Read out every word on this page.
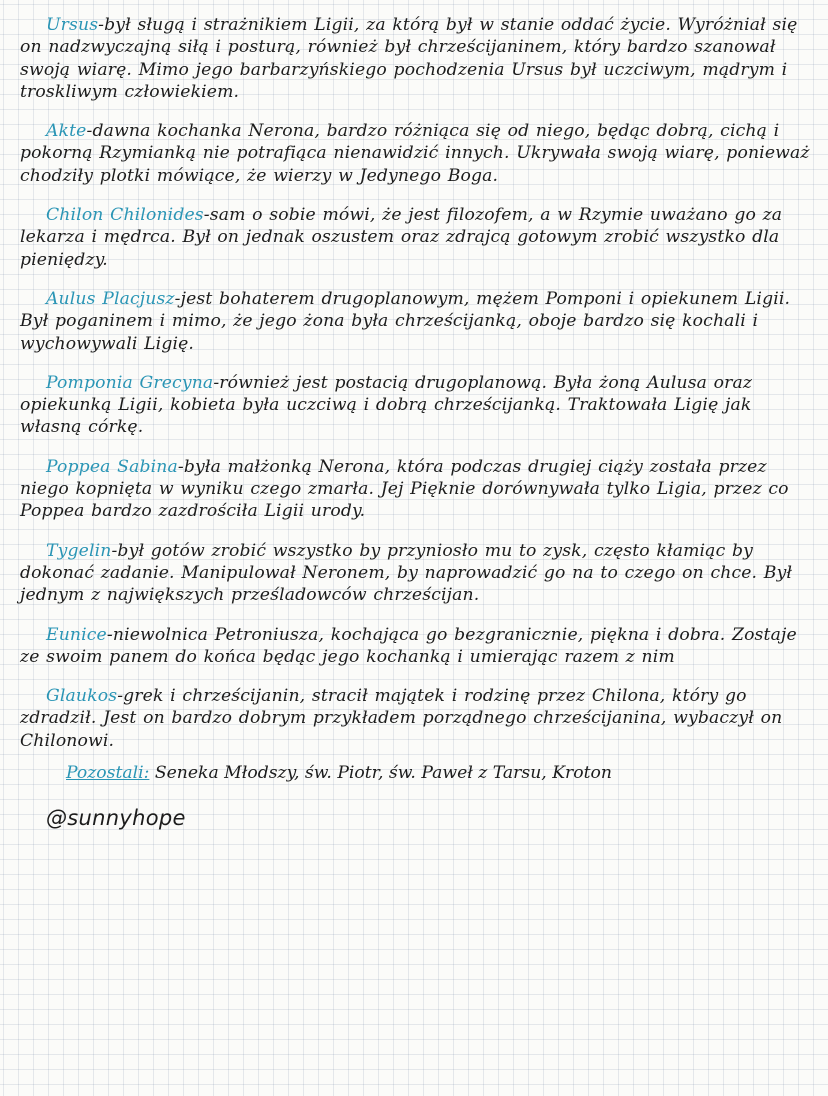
Ursus-był sługą i strażnikiem Ligii, za którą był w stanie oddać życie. Wyróżniał się on nadzwyczajną siłą i posturą, również był chrześcijaninem, który bardzo szanował swoją wiarę. Mimo jego barbarzyńskiego pochodzenia Ursus był uczciwym, mądrym i troskliwym człowiekiem.

Akte-dawna kochanka Nerona, bardzo różniąca się od niego, będąc dobrą, cichą i pokorną Rzymianką nie potrafiąca nienawidzić innych. Ukrywała swoją wiarę, ponieważ chodziły plotki mówiące, że wierzy w Jedynego Boga.

Chilon Chilonides-sam o sobie mówi, że jest filozofem, a w Rzymie uważano go za lekarza i mędrca. Był on jednak oszustem oraz zdrajcą gotowym zrobić wszystko dla pieniędzy.

Aulus Placjusz-jest bohaterem drugoplanowym, mężem Pomponi i opiekunem Ligii. Był poganinem i mimo, że jego żona była chrześcijanką, oboje bardzo się kochali i wychowywali Ligię.

Pomponia Grecyna-również jest postacią drugoplanową. Była żoną Aulusa oraz opiekunką Ligii, kobieta była uczciwą i dobrą chrześcijanką. Traktowała Ligię jak własną córkę.

Poppea Sabina-była małżonką Nerona, która podczas drugiej ciąży została przez niego kopnięta w wyniku czego zmarła. Jej Pięknie dorównywała tylko Ligia, przez co Poppea bardzo zazdrościła Ligii urody.

Tygelin-był gotów zrobić wszystko by przyniosło mu to zysk, często kłamiąc by dokonać zadanie. Manipulował Neronem, by naprowadzić go na to czego on chce. Był jednym z największych prześladowców chrześcijan.

Eunice-niewolnica Petroniusza, kochająca go bezgranicznie, piękna i dobra. Zostaje ze swoim panem do końca będąc jego kochanką i umierając razem z nim

Glaukos-grek i chrześcijanin, stracił majątek i rodzinę przez Chilona, który go zdradził. Jest on bardzo dobrym przykładem porządnego chrześcijanina, wybaczył on Chilonowi.

Pozostali: Seneka Młodszy, św. Piotr, św. Paweł z Tarsu, Kroton

@sunnyhope
